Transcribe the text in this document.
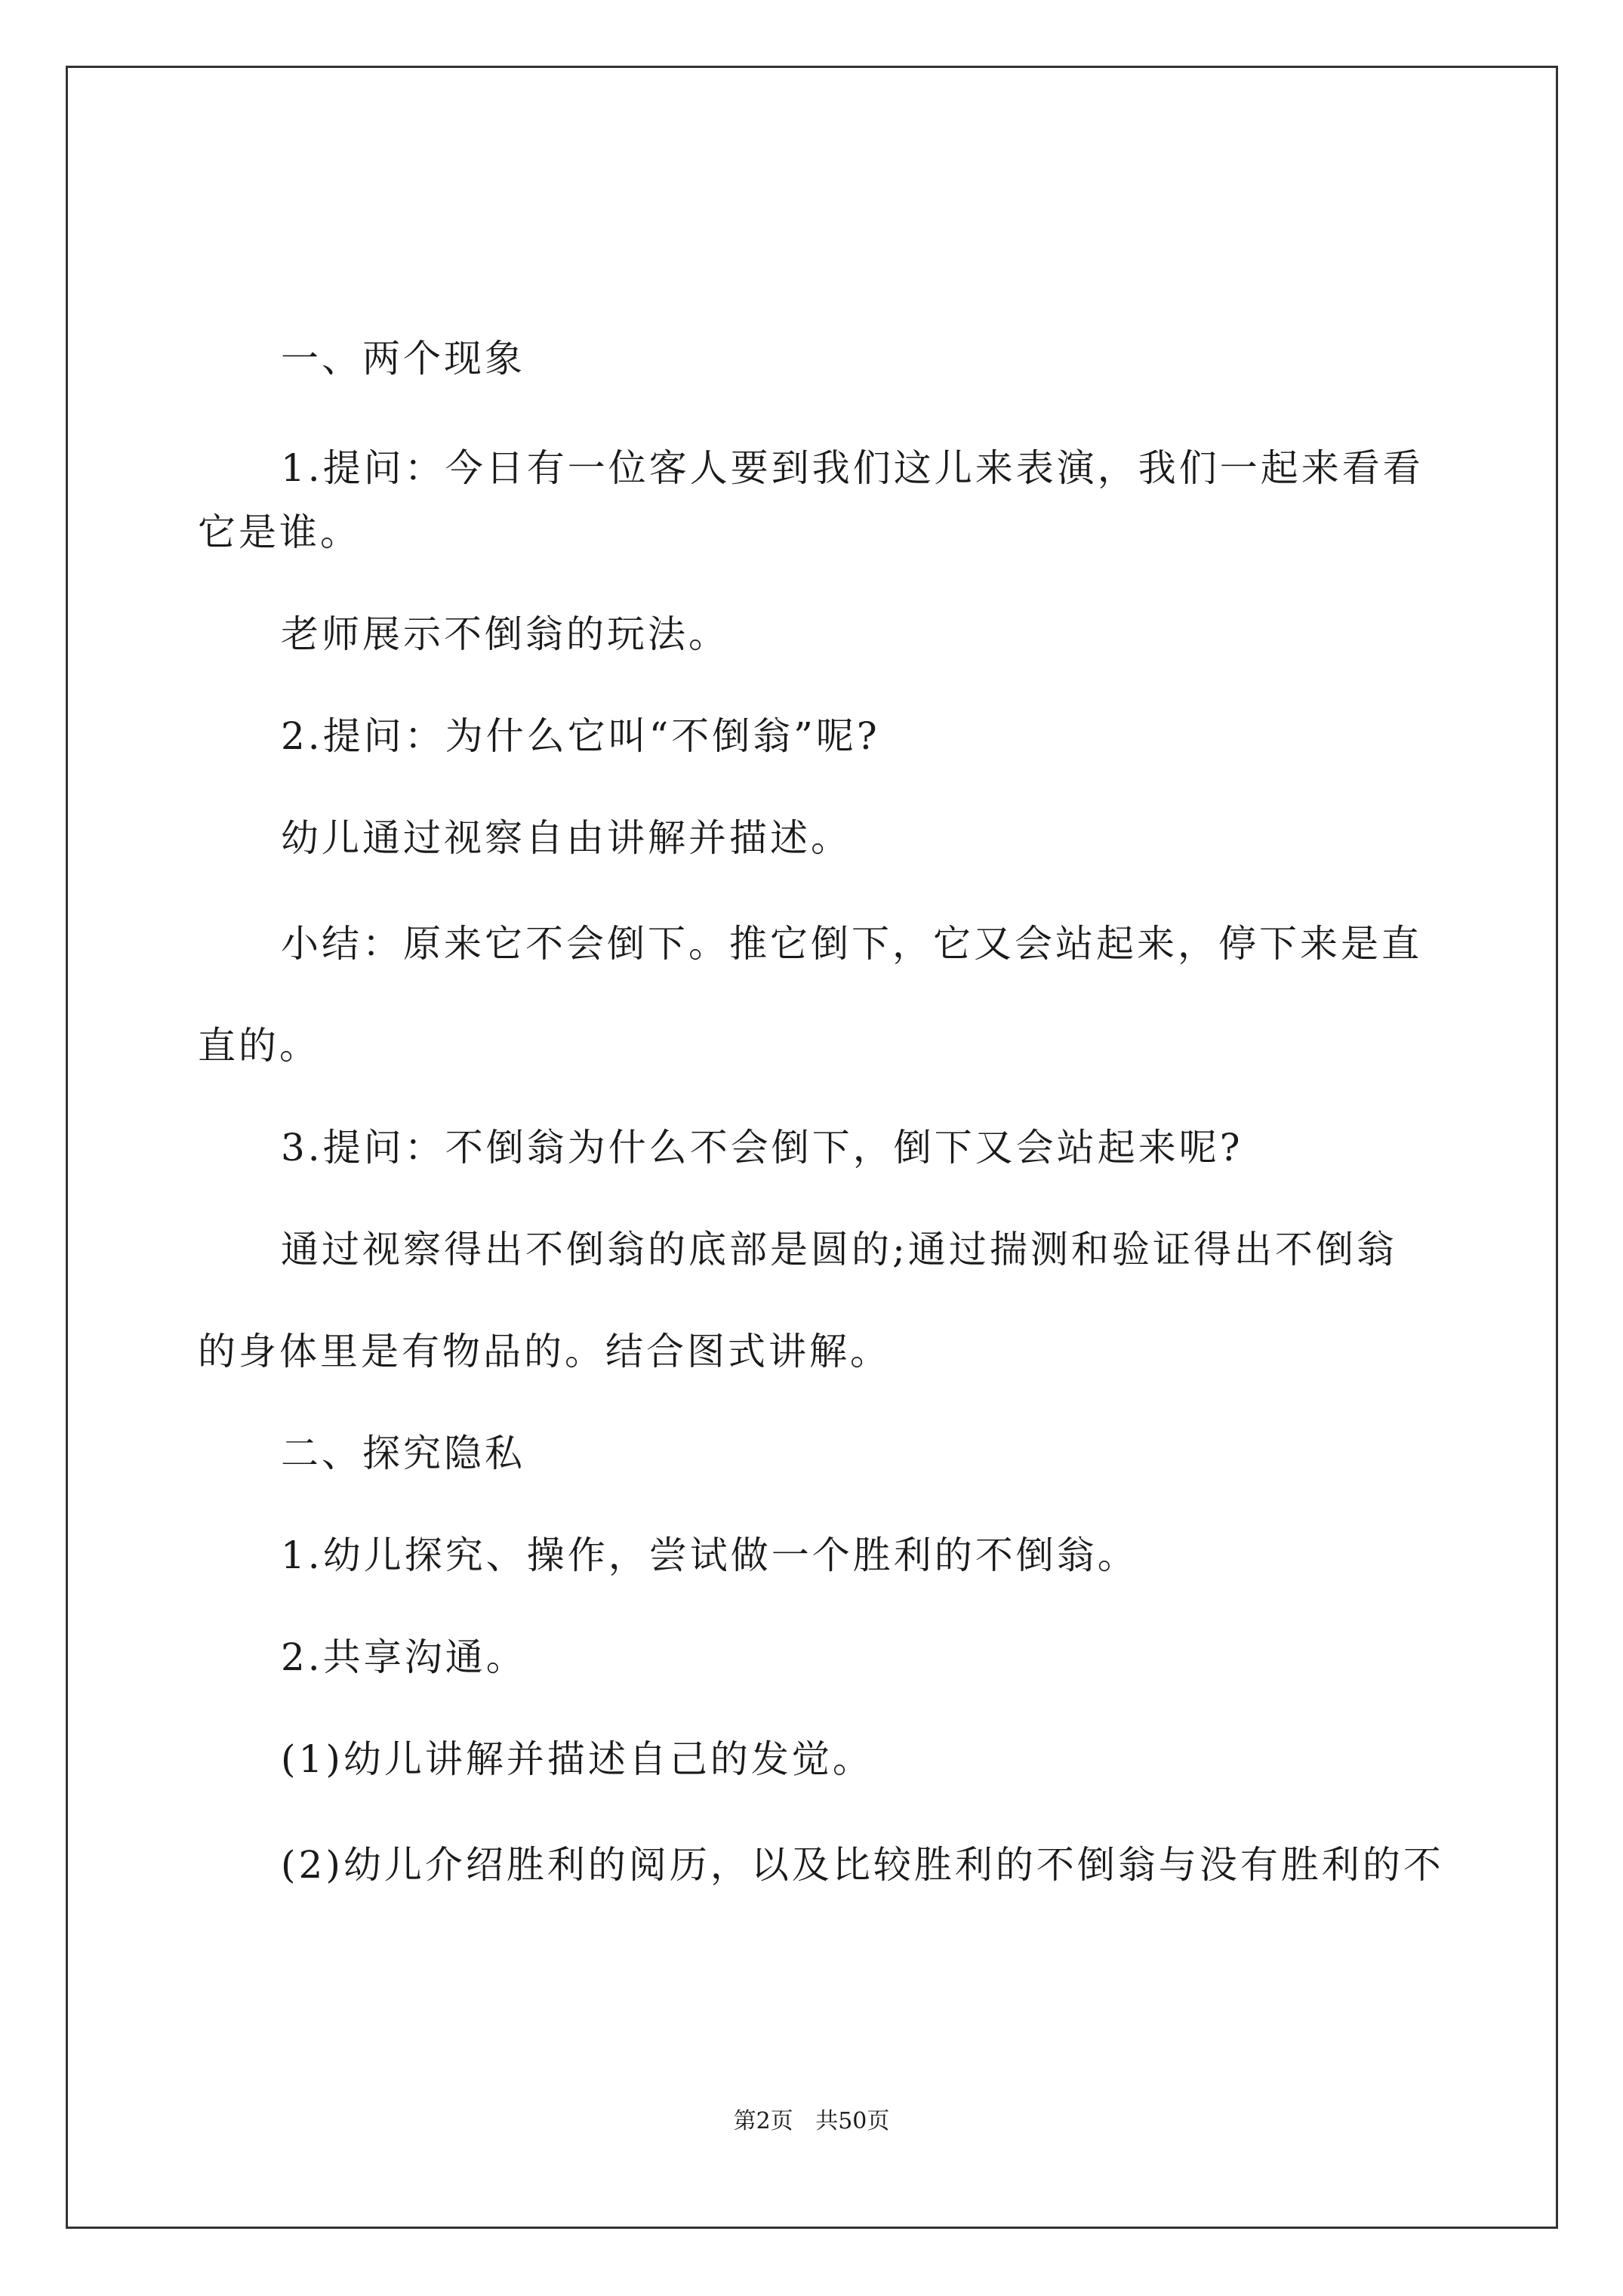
一、两个现象
1.提问：今日有一位客人要到我们这儿来表演，我们一起来看看
它是谁。
老师展示不倒翁的玩法。
2.提问：为什么它叫“不倒翁”呢?
幼儿通过视察自由讲解并描述。
小结：原来它不会倒下。推它倒下，它又会站起来，停下来是直
直的。
3.提问：不倒翁为什么不会倒下，倒下又会站起来呢?
通过视察得出不倒翁的底部是圆的;通过揣测和验证得出不倒翁
的身体里是有物品的。结合图式讲解。
二、探究隐私
1.幼儿探究、操作，尝试做一个胜利的不倒翁。
2.共享沟通。
(1)幼儿讲解并描述自己的发觉。
(2)幼儿介绍胜利的阅历，以及比较胜利的不倒翁与没有胜利的不
第2页 共50页
